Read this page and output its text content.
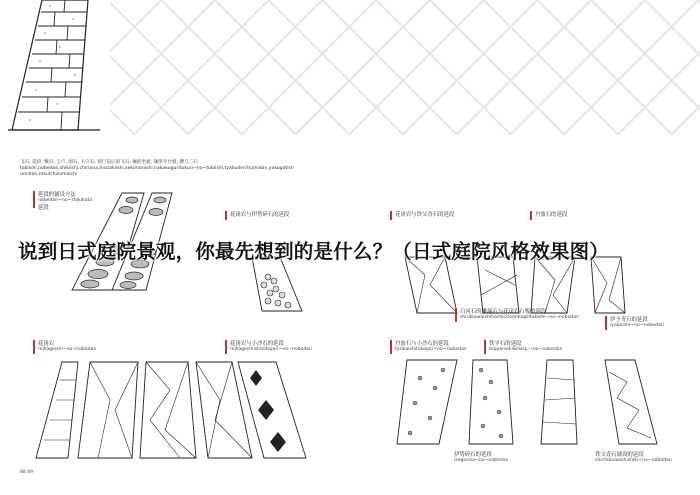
飞石, 延段, 敷石, 尘穴, 围石, 关守石, 锁门前后的飞石, 镶嵌坐板, 镶嵌平台板, 蹲几三石
tobiishi,nobedan,shikiishi,chiriana,mozakiishi,sekimoriishi,nakakuguritukuri~no~tobiishi,tyakuden'humidan,yokogatish
umidan,rokuichisamaishi
延段的铺设方法
nobedan~no~shikikata
延段
花岗岩与伊势碎石的延段
花岗岩
mikageishi~no~nobedan
花岗岩与小沙石的延段
mikageishishitokojari~no~nobedan
88 89
花岗岩与铁父青石的延段	丹波石的延段
白河石的雕琢石与花岗岩石板的延段
shirakawaishihochicitomikageitabishi~no~nobedan	伊予青石的延段
iyoaoishi~no~nobedan
丹波石与小沙石的延段
tanbaishitokojari~no~nobedan
铁平石的延段
teppeiseki&nbsp;~no~nobedan
伊势碎石的延段
isegoroia~no~nobedan
铁父青石铺设的延段
chichibuaoishishiki~no~nobedan
说到日式庭院景观，你最先想到的是什么？（日式庭院风格效果图）
